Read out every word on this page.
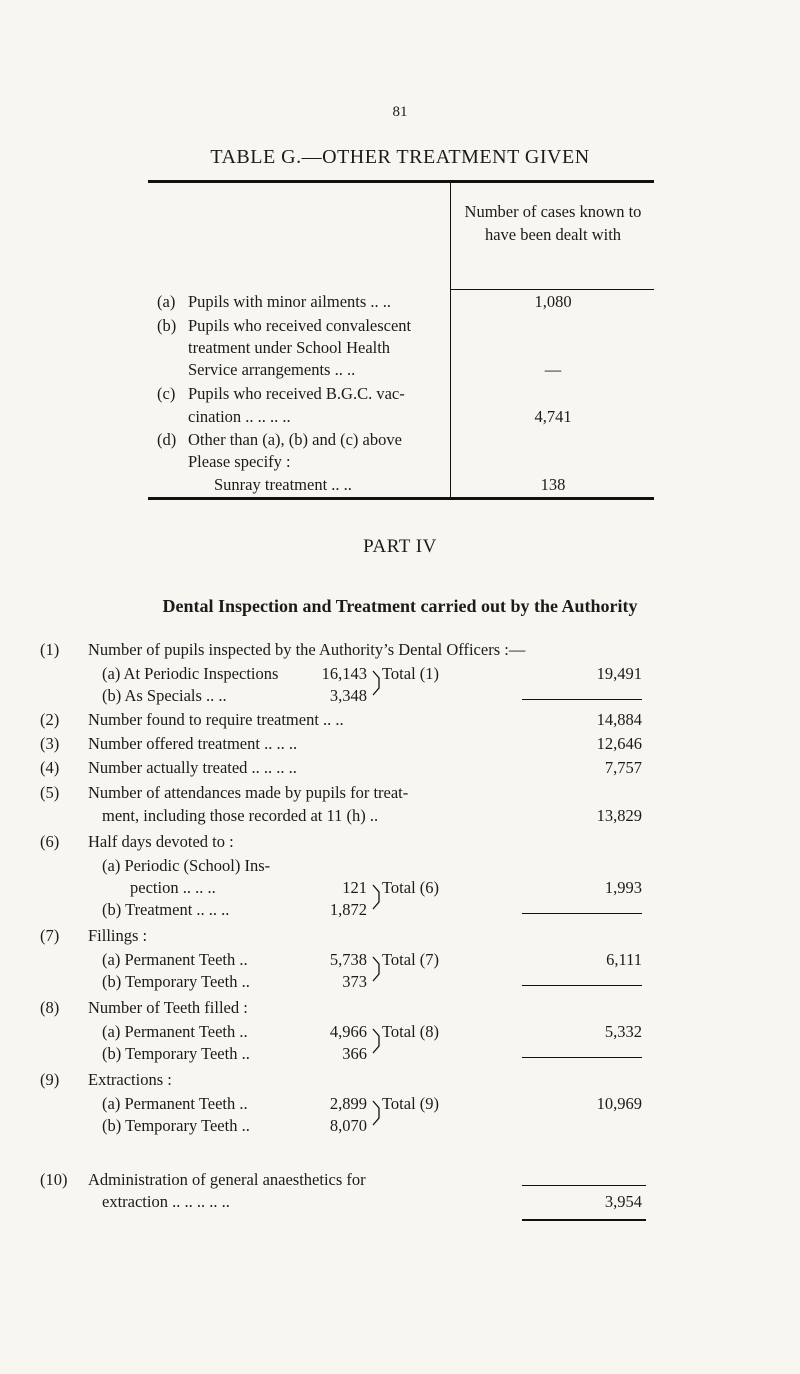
81
TABLE G.—OTHER TREATMENT GIVEN
Number of cases known to have been dealt with
(a) Pupils with minor ailments .. ..	1,080
(b) Pupils who received convalescent
treatment under School Health
Service arrangements .. ..	—
(c) Pupils who received B.G.C. vac-
cination .. .. .. ..	4,741
(d) Other than (a), (b) and (c) above
Please specify :
Sunray treatment .. ..	138
PART IV
Dental Inspection and Treatment carried out by the Authority
(1) Number of pupils inspected by the Authority’s Dental Officers :—
(a) At Periodic Inspections	16,143
(b) As Specials .. ..	3,348
Total (1)	19,491
(2) Number found to require treatment .. ..	14,884
(3) Number offered treatment .. .. ..	12,646
(4) Number actually treated .. .. .. ..	7,757
(5) Number of attendances made by pupils for treat-
ment, including those recorded at 11 (h) ..	13,829
(6) Half days devoted to :
(a) Periodic (School) Ins-
pection .. .. ..	121
(b) Treatment .. .. ..	1,872
Total (6)	1,993
(7) Fillings :
(a) Permanent Teeth ..	5,738
(b) Temporary Teeth ..	373
Total (7)	6,111
(8) Number of Teeth filled :
(a) Permanent Teeth ..	4,966
(b) Temporary Teeth ..	366
Total (8)	5,332
(9) Extractions :
(a) Permanent Teeth ..	2,899
(b) Temporary Teeth ..	8,070
Total (9)	10,969
(10) Administration of general anaesthetics for
extraction .. .. .. .. ..	3,954
